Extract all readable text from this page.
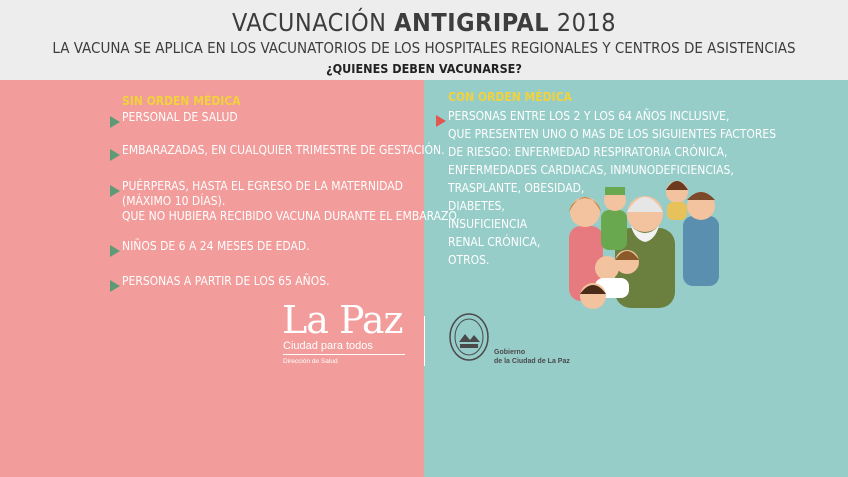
VACUNACIÓN ANTIGRIPAL 2018
LA VACUNA SE APLICA EN LOS VACUNATORIOS DE LOS HOSPITALES REGIONALES Y CENTROS DE ASISTENCIAS
¿QUIENES DEBEN VACUNARSE?
SIN ORDEN MÉDICA
PERSONAL DE SALUD
EMBARAZADAS, EN CUALQUIER TRIMESTRE DE GESTACIÓN.
PUÉRPERAS, HASTA EL EGRESO DE LA MATERNIDAD
(MÁXIMO 10 DÍAS).
QUE NO HUBIERA RECIBIDO VACUNA DURANTE EL EMBARAZO.
NIÑOS DE 6 A 24 MESES DE EDAD.
PERSONAS A PARTIR DE LOS 65 AÑOS.
CON ORDEN MÉDICA
PERSONAS ENTRE LOS 2 Y LOS 64 AÑOS INCLUSIVE,
QUE PRESENTEN UNO O MAS DE LOS SIGUIENTES FACTORES
DE RIESGO: ENFERMEDAD RESPIRATORIA CRÓNICA,
ENFERMEDADES CARDIACAS, INMUNODEFICIENCIAS,
TRASPLANTE, OBESIDAD,
DIABETES,
INSUFICIENCIA
RENAL CRÓNICA,
OTROS.
La Paz
Ciudad para todos
Dirección de Salud
Gobierno
de la Ciudad de La Paz
